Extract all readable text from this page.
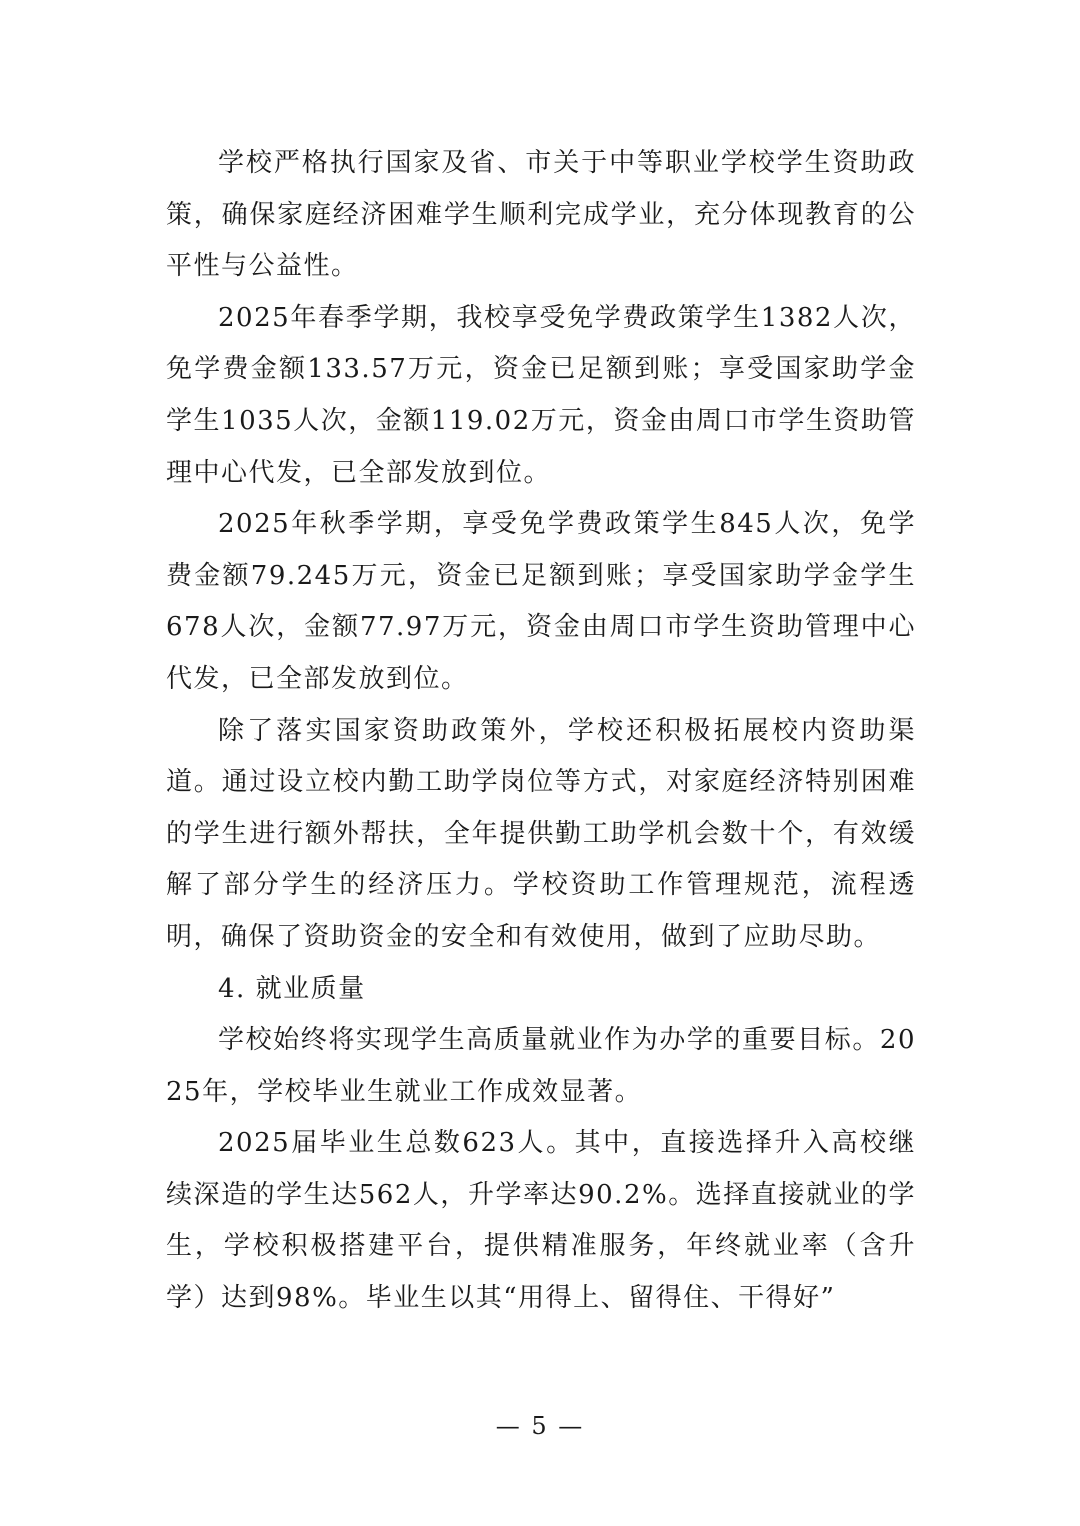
学校严格执行国家及省、市关于中等职业学校学生资助政策，确保家庭经济困难学生顺利完成学业，充分体现教育的公平性与公益性。

2025年春季学期，我校享受免学费政策学生1382人次，免学费金额133.57万元，资金已足额到账；享受国家助学金学生1035人次，金额119.02万元，资金由周口市学生资助管理中心代发，已全部发放到位。

2025年秋季学期，享受免学费政策学生845人次，免学费金额79.245万元，资金已足额到账；享受国家助学金学生678人次，金额77.97万元，资金由周口市学生资助管理中心代发，已全部发放到位。

除了落实国家资助政策外，学校还积极拓展校内资助渠道。通过设立校内勤工助学岗位等方式，对家庭经济特别困难的学生进行额外帮扶，全年提供勤工助学机会数十个，有效缓解了部分学生的经济压力。学校资助工作管理规范，流程透明，确保了资助资金的安全和有效使用，做到了应助尽助。

4. 就业质量

学校始终将实现学生高质量就业作为办学的重要目标。2025年，学校毕业生就业工作成效显著。

2025届毕业生总数623人。其中，直接选择升入高校继续深造的学生达562人，升学率达90.2%。选择直接就业的学生，学校积极搭建平台，提供精准服务，年终就业率（含升学）达到98%。毕业生以其“用得上、留得住、干得好”

— 5 —
